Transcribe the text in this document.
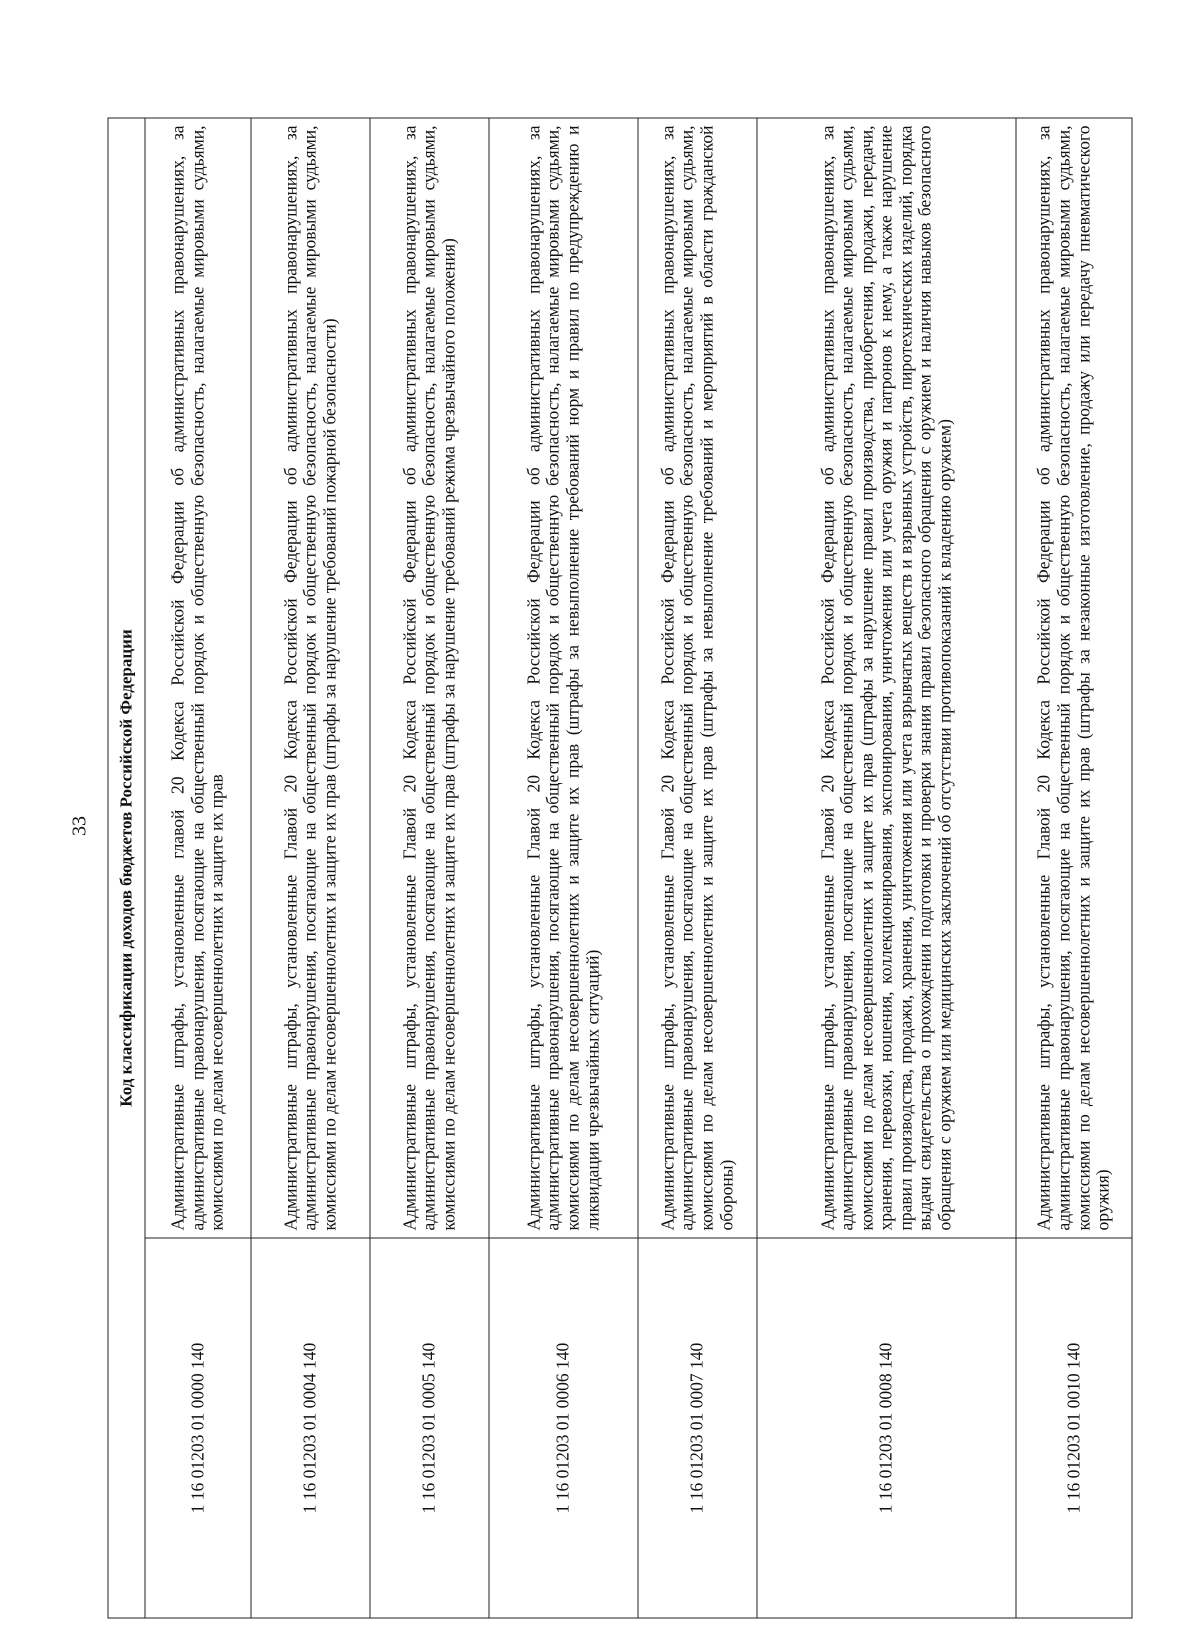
33 Код классификации доходов бюджетов Российской Федерации	
1 16 01203 01 0000 140	Административные штрафы, установленные главой 20 Кодекса Российской Федерации об административных правонарушениях, за административные правонарушения, посягающие на общественный порядок и общественную безопасность, налагаемые мировыми судьями, комиссиями по делам несовершеннолетних и защите их прав
1 16 01203 01 0004 140	Административные штрафы, установленные Главой 20 Кодекса Российской Федерации об административных правонарушениях, за административные правонарушения, посягающие на общественный порядок и общественную безопасность, налагаемые мировыми судьями, комиссиями по делам несовершеннолетних и защите их прав (штрафы за нарушение требований пожарной безопасности)
1 16 01203 01 0005 140	Административные штрафы, установленные Главой 20 Кодекса Российской Федерации об административных правонарушениях, за административные правонарушения, посягающие на общественный порядок и общественную безопасность, налагаемые мировыми судьями, комиссиями по делам несовершеннолетних и защите их прав (штрафы за нарушение требований режима чрезвычайного положения)
1 16 01203 01 0006 140	Административные штрафы, установленные Главой 20 Кодекса Российской Федерации об административных правонарушениях, за административные правонарушения, посягающие на общественный порядок и общественную безопасность, налагаемые мировыми судьями, комиссиями по делам несовершеннолетних и защите их прав (штрафы за невыполнение требований норм и правил по предупреждению и ликвидации чрезвычайных ситуаций)
1 16 01203 01 0007 140	Административные штрафы, установленные Главой 20 Кодекса Российской Федерации об административных правонарушениях, за административные правонарушения, посягающие на общественный порядок и общественную безопасность, налагаемые мировыми судьями, комиссиями по делам несовершеннолетних и защите их прав (штрафы за невыполнение требований и мероприятий в области гражданской обороны)
1 16 01203 01 0008 140	Административные штрафы, установленные Главой 20 Кодекса Российской Федерации об административных правонарушениях, за административные правонарушения, посягающие на общественный порядок и общественную безопасность, налагаемые мировыми судьями, комиссиями по делам несовершеннолетних и защите их прав (штрафы за нарушение правил производства, приобретения, продажи, передачи, хранения, перевозки, ношения, коллекционирования, экспонирования, уничтожения или учета оружия и патронов к нему, а также нарушение правил производства, продажи, хранения, уничтожения или учета взрывчатых веществ и взрывных устройств, пиротехнических изделий, порядка выдачи свидетельства о прохождении подготовки и проверки знания правил безопасного обращения с оружием и наличия навыков безопасного обращения с оружием или медицинских заключений об отсутствии противопоказаний к владению оружием)
1 16 01203 01 0010 140	Административные штрафы, установленные Главой 20 Кодекса Российской Федерации об административных правонарушениях, за административные правонарушения, посягающие на общественный порядок и общественную безопасность, налагаемые мировыми судьями, комиссиями по делам несовершеннолетних и защите их прав (штрафы за незаконные изготовление, продажу или передачу пневматического оружия)
